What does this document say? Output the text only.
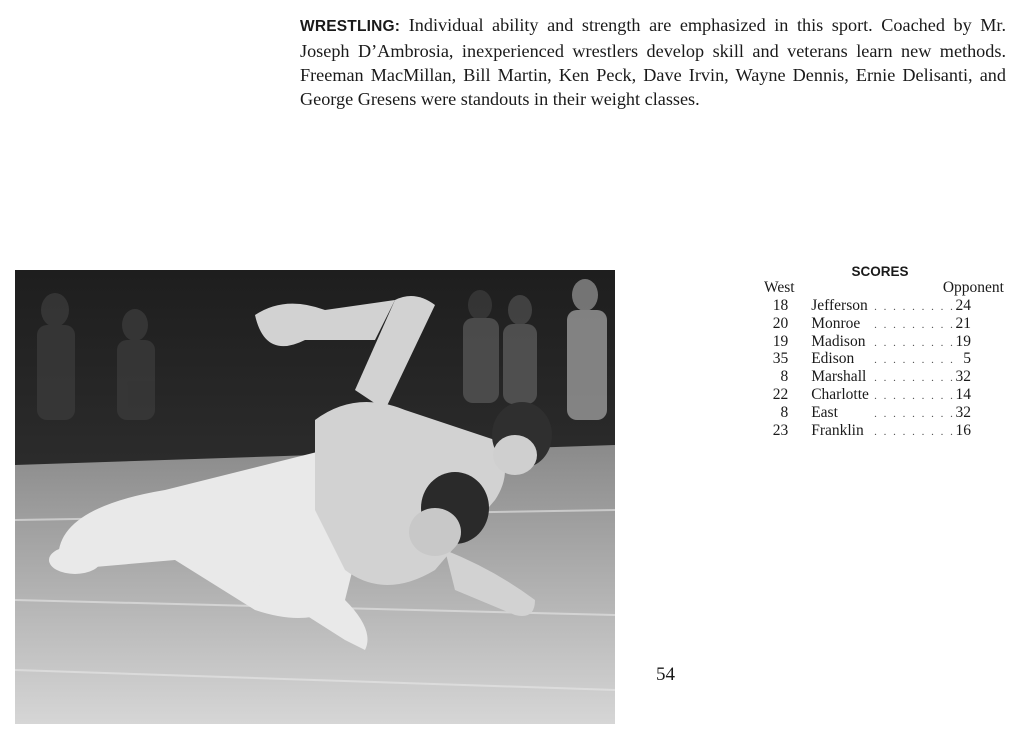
WRESTLING: Individual ability and strength are emphasized in this sport. Coached by Mr. Joseph D’Ambrosia, inexperienced wrestlers develop skill and veterans learn new methods. Freeman MacMillan, Bill Martin, Ken Peck, Dave Irvin, Wayne Dennis, Ernie Delisanti, and George Gresens were standouts in their weight classes.
SCORES
West	Opponent
18 Jefferson . . . . . . . . . 24
20 Monroe	. . . . . . . . . 21
19 Madison . . . . . . . . . 19
35 Edison	. . . . . . . . . 5
8 Marshall . . . . . . . . . 32
22 Charlotte . . . . . . . . . 14
8 East	. . . . . . . . . 32
23 Franklin . . . . . . . . . 16
54
